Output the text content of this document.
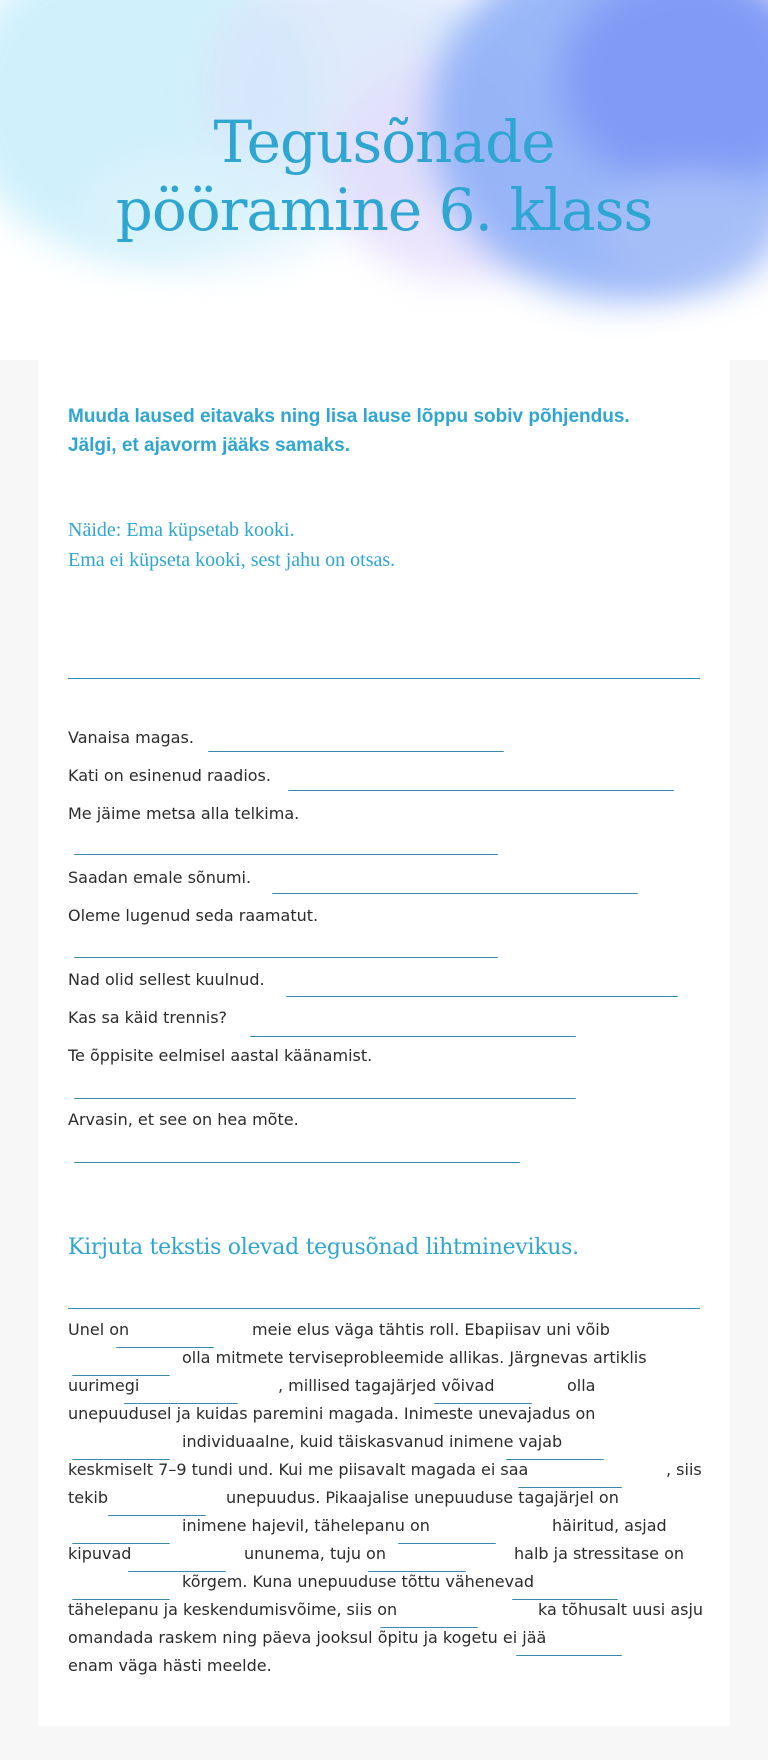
Tegusõnade
pööramine 6. klass
Muuda laused eitavaks ning lisa lause lõppu sobiv põhjendus.
Jälgi, et ajavorm jääks samaks.
Näide: Ema küpsetab kooki.
Ema ei küpseta kooki, sest jahu on otsas.
Vanaisa magas.
Kati on esinenud raadios.
Me jäime metsa alla telkima.
Saadan emale sõnumi.
Oleme lugenud seda raamatut.
Nad olid sellest kuulnud.
Kas sa käid trennis?
Te õppisite eelmisel aastal käänamist.
Arvasin, et see on hea mõte.
Kirjuta tekstis olevad tegusõnad lihtminevikus.
Unel on	meie elus väga tähtis roll. Ebapiisav uni võib
olla mitmete terviseprobleemide allikas. Järgnevas artiklis
uurimegi	, millised tagajärjed võivad	olla
unepuudusel ja kuidas paremini magada. Inimeste unevajadus on
individuaalne, kuid täiskasvanud inimene vajab
keskmiselt 7–9 tundi und. Kui me piisavalt magada ei saa	, siis
tekib	unepuudus. Pikaajalise unepuuduse tagajärjel on
inimene hajevil, tähelepanu on	häiritud, asjad
kipuvad	ununema, tuju on	halb ja stressitase on
kõrgem. Kuna unepuuduse tõttu vähenevad
tähelepanu ja keskendumisvõime, siis on	ka tõhusalt uusi asju
omandada raskem ning päeva jooksul õpitu ja kogetu ei jää
enam väga hästi meelde.
